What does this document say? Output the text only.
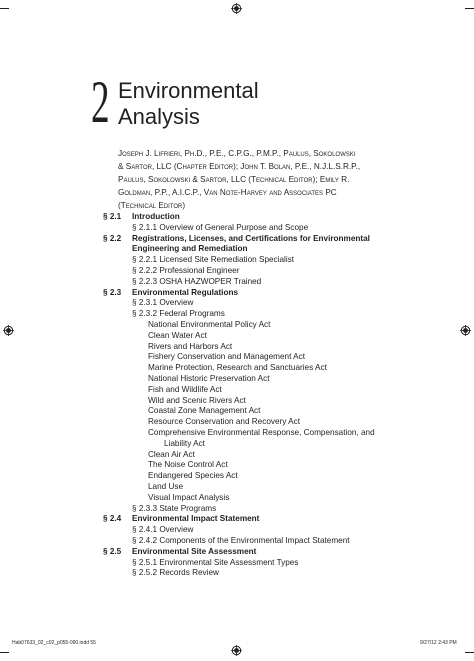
2 Environmental
Analysis
Joseph J. Lifrieri, Ph.D., P.E., C.P.G., P.M.P., Paulus, Sokolowski
& Sartor, LLC (Chapter Editor); John T. Bolan, P.E., N.J.L.S.R.P.,
Paulus, Sokolowski & Sartor, LLC (Technical Editor); Emily R.
Goldman, P.P., A.I.C.P., Van Note-Harvey and Associates PC
(Technical Editor)
§ 2.1 Introduction
§ 2.1.1 Overview of General Purpose and Scope
§ 2.2 Registrations, Licenses, and Certifications for Environmental
Engineering and Remediation
§ 2.2.1 Licensed Site Remediation Specialist
§ 2.2.2 Professional Engineer
§ 2.2.3 OSHA HAZWOPER Trained
§ 2.3 Environmental Regulations
§ 2.3.1 Overview
§ 2.3.2 Federal Programs
National Environmental Policy Act
Clean Water Act
Rivers and Harbors Act
Fishery Conservation and Management Act
Marine Protection, Research and Sanctuaries Act
National Historic Preservation Act
Fish and Wildlife Act
Wild and Scenic Rivers Act
Coastal Zone Management Act
Resource Conservation and Recovery Act
Comprehensive Environmental Response, Compensation, and
Liability Act
Clean Air Act
The Noise Control Act
Endangered Species Act
Land Use
Visual Impact Analysis
§ 2.3.3 State Programs
§ 2.4 Environmental Impact Statement
§ 2.4.1 Overview
§ 2.4.2 Components of the Environmental Impact Statement
§ 2.5 Environmental Site Assessment
§ 2.5.1 Environmental Site Assessment Types
§ 2.5.2 Records Review
Hab07633_02_c02_p055-090.indd 55	9/27/12 2:43 PM
